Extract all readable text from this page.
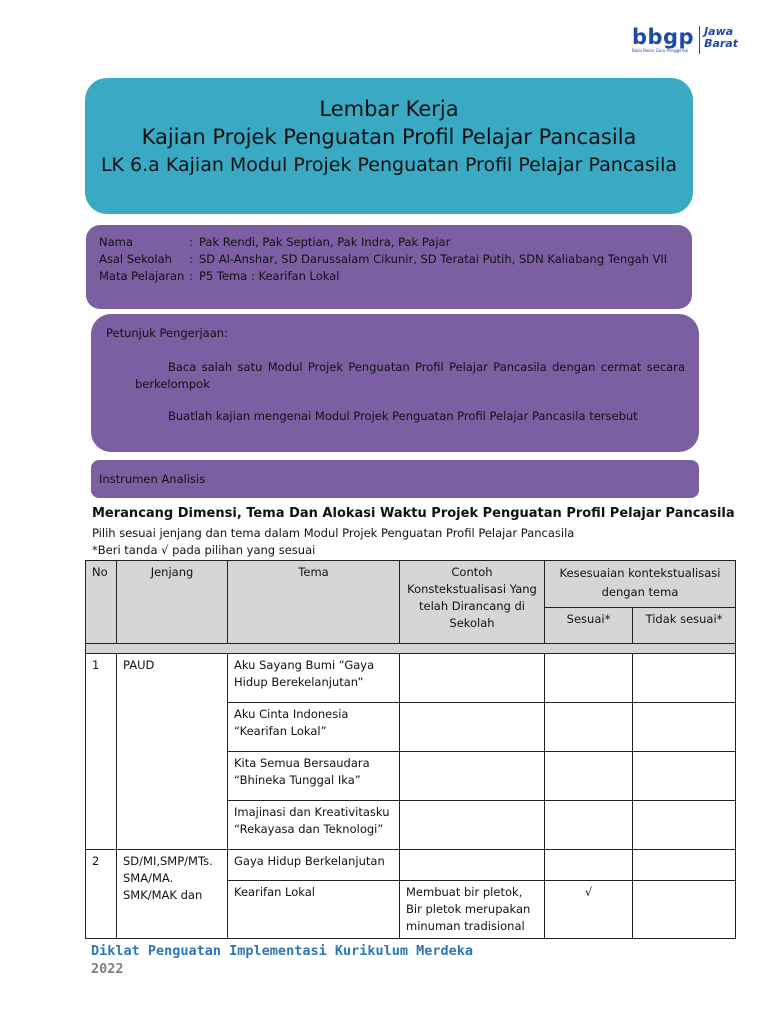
bbgp
Balai Besar Guru Penggerak
Jawa
Barat
Lembar Kerja
Kajian Projek Penguatan Profil Pelajar Pancasila
LK 6.a Kajian Modul Projek Penguatan Profil Pelajar Pancasila
Nama	: Pak Rendi, Pak Septian, Pak Indra, Pak Pajar
Asal Sekolah	: SD Al-Anshar, SD Darussalam Cikunir, SD Teratai Putih, SDN Kaliabang Tengah VII
Mata Pelajaran : P5 Tema : Kearifan Lokal
Petunjuk Pengerjaan:
Baca salah satu Modul Projek Penguatan Profil Pelajar Pancasila dengan cermat secara berkelompok
Buatlah kajian mengenai Modul Projek Penguatan Profil Pelajar Pancasila tersebut
Instrumen Analisis
Merancang Dimensi, Tema Dan Alokasi Waktu Projek Penguatan Profil Pelajar Pancasila
Pilih sesuai jenjang dan tema dalam Modul Projek Penguatan Profil Pelajar Pancasila
*Beri tanda √ pada pilihan yang sesuai
No	Jenjang	Tema	Contoh Konstekstualisasi Yang telah Dirancang di Sekolah	Kesesuaian kontekstualisasi dengan tema	
				Sesuai*	Tidak sesuai*

1	PAUD	Aku Sayang Bumi “Gaya Hidup Berekelanjutan”			
		Aku Cinta Indonesia “Kearifan Lokal”			
		Kita Semua Bersaudara “Bhineka Tunggal Ika”			
		Imajinasi dan Kreativitasku “Rekayasa dan Teknologi”			
2	SD/MI,SMP/MTs. SMA/MA. SMK/MAK dan	Gaya Hidup Berkelanjutan			
		Kearifan Lokal	Membuat bir pletok, Bir pletok merupakan minuman tradisional	√	
Diklat Penguatan Implementasi Kurikulum Merdeka
2022
